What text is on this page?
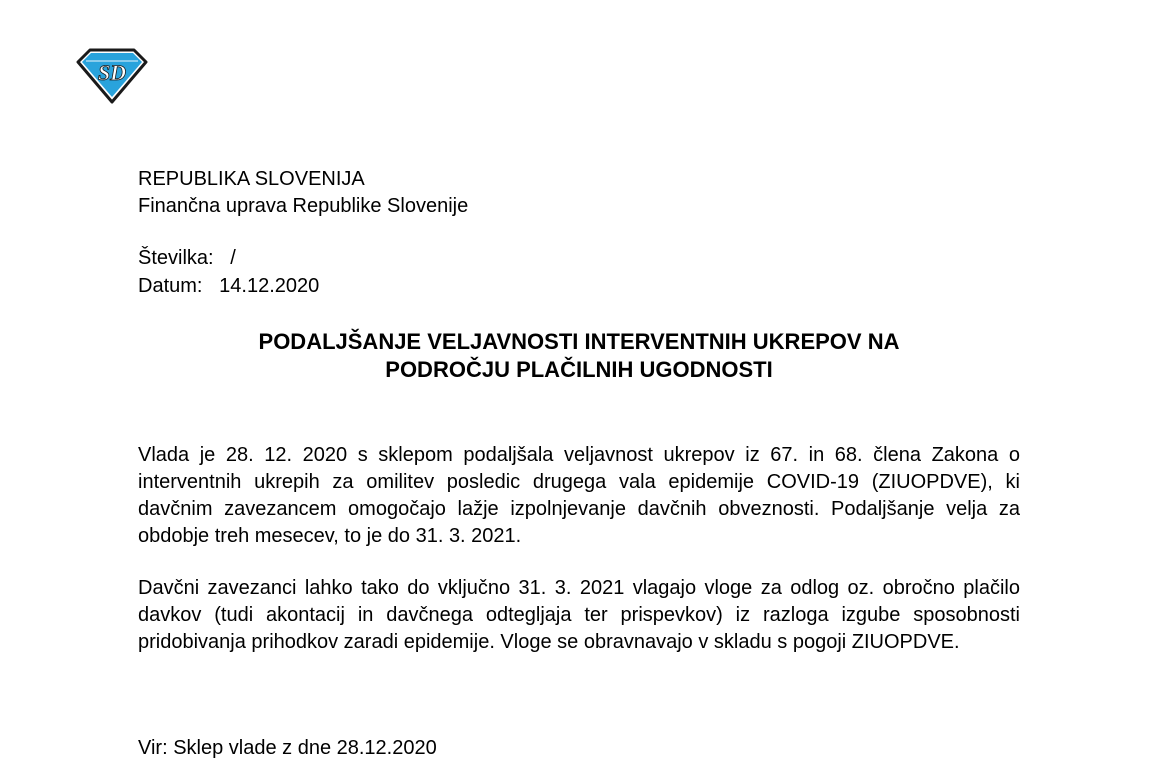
SD
REPUBLIKA SLOVENIJA
Finančna uprava Republike Slovenije
Številka: /
Datum: 14.12.2020
PODALJŠANJE VELJAVNOSTI INTERVENTNIH UKREPOV NA
PODROČJU PLAČILNIH UGODNOSTI

Vlada je 28. 12. 2020 s sklepom podaljšala veljavnost ukrepov iz 67. in 68. člena Zakona o interventnih ukrepih za omilitev posledic drugega vala epidemije COVID-19 (ZIUOPDVE), ki davčnim zavezancem omogočajo lažje izpolnjevanje davčnih obveznosti. Podaljšanje velja za obdobje treh mesecev, to je do 31. 3. 2021.

Davčni zavezanci lahko tako do vključno 31. 3. 2021 vlagajo vloge za odlog oz. obročno plačilo davkov (tudi akontacij in davčnega odtegljaja ter prispevkov) iz razloga izgube sposobnosti pridobivanja prihodkov zaradi epidemije. Vloge se obravnavajo v skladu s pogoji ZIUOPDVE.

Vir: Sklep vlade z dne 28.12.2020
